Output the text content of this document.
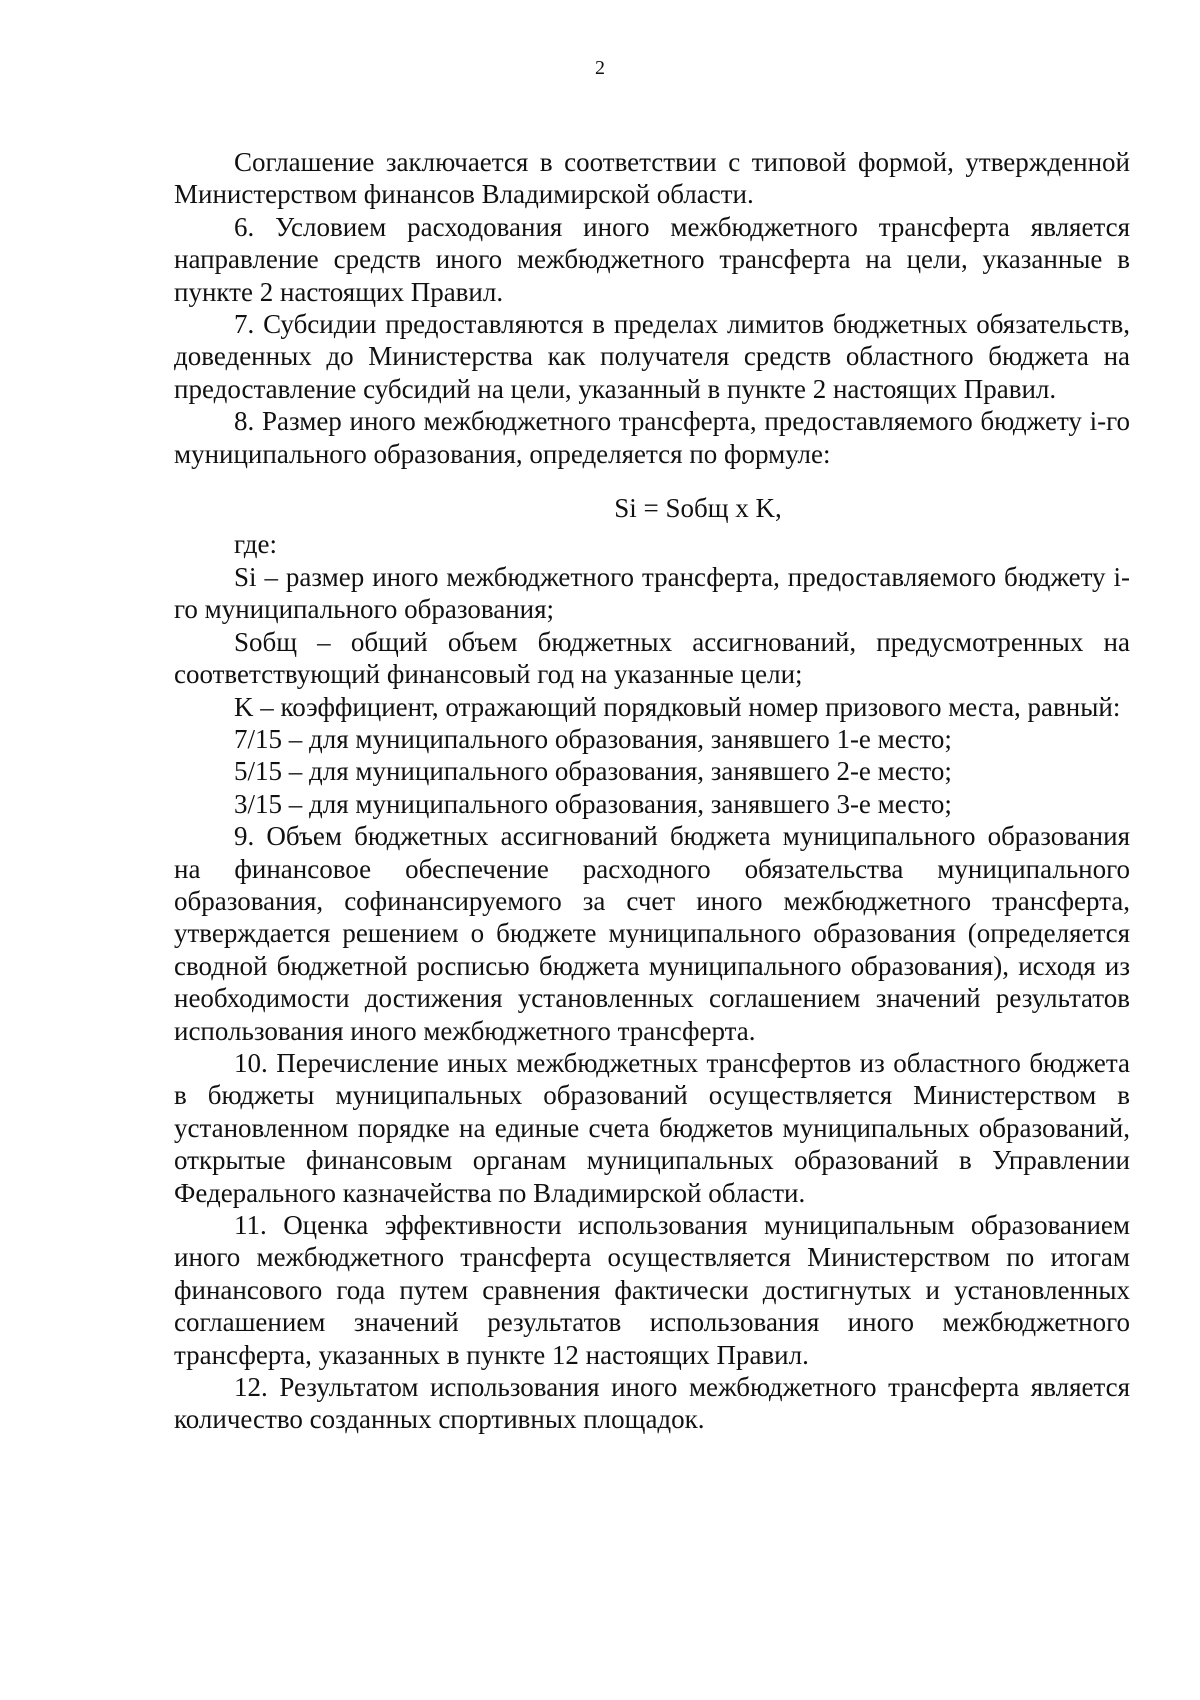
2

Соглашение заключается в соответствии с типовой формой, утвержденной Министерством финансов Владимирской области.

6. Условием расходования иного межбюджетного трансферта является направление средств иного межбюджетного трансферта на цели, указанные в пункте 2 настоящих Правил.

7. Субсидии предоставляются в пределах лимитов бюджетных обязательств, доведенных до Министерства как получателя средств областного бюджета на предоставление субсидий на цели, указанный в пункте 2 настоящих Правил.

8. Размер иного межбюджетного трансферта, предоставляемого бюджету i-го муниципального образования, определяется по формуле:

Si = Sобщ x K,

где:

Si – размер иного межбюджетного трансферта, предоставляемого бюджету i-го муниципального образования;

Sобщ – общий объем бюджетных ассигнований, предусмотренных на соответствующий финансовый год на указанные цели;

K – коэффициент, отражающий порядковый номер призового места, равный:

7/15 – для муниципального образования, занявшего 1-е место;

5/15 – для муниципального образования, занявшего 2-е место;

3/15 – для муниципального образования, занявшего 3-е место;

9. Объем бюджетных ассигнований бюджета муниципального образования на финансовое обеспечение расходного обязательства муниципального образования, софинансируемого за счет иного межбюджетного трансферта, утверждается решением о бюджете муниципального образования (определяется сводной бюджетной росписью бюджета муниципального образования), исходя из необходимости достижения установленных соглашением значений результатов использования иного межбюджетного трансферта.

10. Перечисление иных межбюджетных трансфертов из областного бюджета в бюджеты муниципальных образований осуществляется Министерством в установленном порядке на единые счета бюджетов муниципальных образований, открытые финансовым органам муниципальных образований в Управлении Федерального казначейства по Владимирской области.

11. Оценка эффективности использования муниципальным образованием иного межбюджетного трансферта осуществляется Министерством по итогам финансового года путем сравнения фактически достигнутых и установленных соглашением значений результатов использования иного межбюджетного трансферта, указанных в пункте 12 настоящих Правил.

12. Результатом использования иного межбюджетного трансферта является количество созданных спортивных площадок.
